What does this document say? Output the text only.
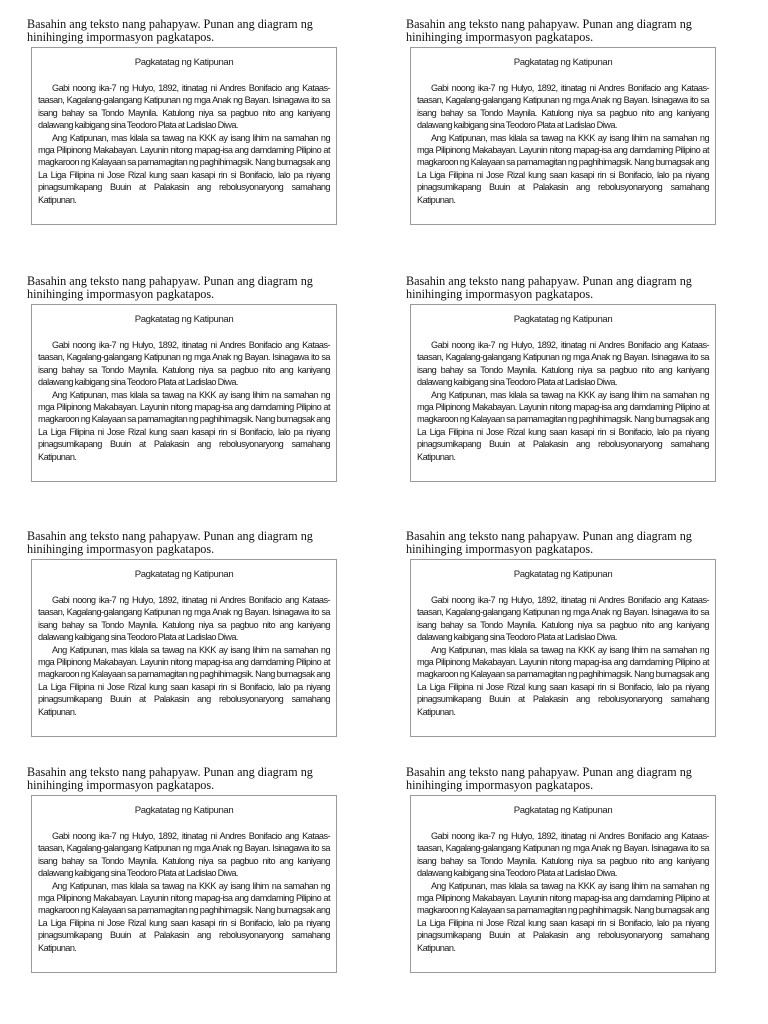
Basahin ang teksto nang pahapyaw. Punan ang diagram ng hinihinging impormasyon pagkatapos.

Pagkatatag ng Katipunan

Gabi noong ika-7 ng Hulyo, 1892, itinatag ni Andres Bonifacio ang Kataas-taasan, Kagalang-galangang Katipunan ng mga Anak ng Bayan. Isinagawa ito sa isang bahay sa Tondo Maynila. Katulong niya sa pagbuo nito ang kaniyang dalawang kaibigang sina Teodoro Plata at Ladislao Diwa.

Ang Katipunan, mas kilala sa tawag na KKK ay isang lihim na samahan ng mga Pilipinong Makabayan. Layunin nitong mapag-isa ang damdaming Pilipino at magkaroon ng Kalayaan sa pamamagitan ng paghihimagsik. Nang bumagsak ang La Liga Filipina ni Jose Rizal kung saan kasapi rin si Bonifacio, lalo pa niyang pinagsumikapang Buuin at Palakasin ang rebolusyonaryong samahang Katipunan.

Basahin ang teksto nang pahapyaw. Punan ang diagram ng hinihinging impormasyon pagkatapos.

Pagkatatag ng Katipunan

Gabi noong ika-7 ng Hulyo, 1892, itinatag ni Andres Bonifacio ang Kataas-taasan, Kagalang-galangang Katipunan ng mga Anak ng Bayan. Isinagawa ito sa isang bahay sa Tondo Maynila. Katulong niya sa pagbuo nito ang kaniyang dalawang kaibigang sina Teodoro Plata at Ladislao Diwa.

Ang Katipunan, mas kilala sa tawag na KKK ay isang lihim na samahan ng mga Pilipinong Makabayan. Layunin nitong mapag-isa ang damdaming Pilipino at magkaroon ng Kalayaan sa pamamagitan ng paghihimagsik. Nang bumagsak ang La Liga Filipina ni Jose Rizal kung saan kasapi rin si Bonifacio, lalo pa niyang pinagsumikapang Buuin at Palakasin ang rebolusyonaryong samahang Katipunan.

Basahin ang teksto nang pahapyaw. Punan ang diagram ng hinihinging impormasyon pagkatapos.

Pagkatatag ng Katipunan

Gabi noong ika-7 ng Hulyo, 1892, itinatag ni Andres Bonifacio ang Kataas-taasan, Kagalang-galangang Katipunan ng mga Anak ng Bayan. Isinagawa ito sa isang bahay sa Tondo Maynila. Katulong niya sa pagbuo nito ang kaniyang dalawang kaibigang sina Teodoro Plata at Ladislao Diwa.

Ang Katipunan, mas kilala sa tawag na KKK ay isang lihim na samahan ng mga Pilipinong Makabayan. Layunin nitong mapag-isa ang damdaming Pilipino at magkaroon ng Kalayaan sa pamamagitan ng paghihimagsik. Nang bumagsak ang La Liga Filipina ni Jose Rizal kung saan kasapi rin si Bonifacio, lalo pa niyang pinagsumikapang Buuin at Palakasin ang rebolusyonaryong samahang Katipunan.

Basahin ang teksto nang pahapyaw. Punan ang diagram ng hinihinging impormasyon pagkatapos.

Pagkatatag ng Katipunan

Gabi noong ika-7 ng Hulyo, 1892, itinatag ni Andres Bonifacio ang Kataas-taasan, Kagalang-galangang Katipunan ng mga Anak ng Bayan. Isinagawa ito sa isang bahay sa Tondo Maynila. Katulong niya sa pagbuo nito ang kaniyang dalawang kaibigang sina Teodoro Plata at Ladislao Diwa.

Ang Katipunan, mas kilala sa tawag na KKK ay isang lihim na samahan ng mga Pilipinong Makabayan. Layunin nitong mapag-isa ang damdaming Pilipino at magkaroon ng Kalayaan sa pamamagitan ng paghihimagsik. Nang bumagsak ang La Liga Filipina ni Jose Rizal kung saan kasapi rin si Bonifacio, lalo pa niyang pinagsumikapang Buuin at Palakasin ang rebolusyonaryong samahang Katipunan.

Basahin ang teksto nang pahapyaw. Punan ang diagram ng hinihinging impormasyon pagkatapos.

Pagkatatag ng Katipunan

Gabi noong ika-7 ng Hulyo, 1892, itinatag ni Andres Bonifacio ang Kataas-taasan, Kagalang-galangang Katipunan ng mga Anak ng Bayan. Isinagawa ito sa isang bahay sa Tondo Maynila. Katulong niya sa pagbuo nito ang kaniyang dalawang kaibigang sina Teodoro Plata at Ladislao Diwa.

Ang Katipunan, mas kilala sa tawag na KKK ay isang lihim na samahan ng mga Pilipinong Makabayan. Layunin nitong mapag-isa ang damdaming Pilipino at magkaroon ng Kalayaan sa pamamagitan ng paghihimagsik. Nang bumagsak ang La Liga Filipina ni Jose Rizal kung saan kasapi rin si Bonifacio, lalo pa niyang pinagsumikapang Buuin at Palakasin ang rebolusyonaryong samahang Katipunan.

Basahin ang teksto nang pahapyaw. Punan ang diagram ng hinihinging impormasyon pagkatapos.

Pagkatatag ng Katipunan

Gabi noong ika-7 ng Hulyo, 1892, itinatag ni Andres Bonifacio ang Kataas-taasan, Kagalang-galangang Katipunan ng mga Anak ng Bayan. Isinagawa ito sa isang bahay sa Tondo Maynila. Katulong niya sa pagbuo nito ang kaniyang dalawang kaibigang sina Teodoro Plata at Ladislao Diwa.

Ang Katipunan, mas kilala sa tawag na KKK ay isang lihim na samahan ng mga Pilipinong Makabayan. Layunin nitong mapag-isa ang damdaming Pilipino at magkaroon ng Kalayaan sa pamamagitan ng paghihimagsik. Nang bumagsak ang La Liga Filipina ni Jose Rizal kung saan kasapi rin si Bonifacio, lalo pa niyang pinagsumikapang Buuin at Palakasin ang rebolusyonaryong samahang Katipunan.

Basahin ang teksto nang pahapyaw. Punan ang diagram ng hinihinging impormasyon pagkatapos.

Pagkatatag ng Katipunan

Gabi noong ika-7 ng Hulyo, 1892, itinatag ni Andres Bonifacio ang Kataas-taasan, Kagalang-galangang Katipunan ng mga Anak ng Bayan. Isinagawa ito sa isang bahay sa Tondo Maynila. Katulong niya sa pagbuo nito ang kaniyang dalawang kaibigang sina Teodoro Plata at Ladislao Diwa.

Ang Katipunan, mas kilala sa tawag na KKK ay isang lihim na samahan ng mga Pilipinong Makabayan. Layunin nitong mapag-isa ang damdaming Pilipino at magkaroon ng Kalayaan sa pamamagitan ng paghihimagsik. Nang bumagsak ang La Liga Filipina ni Jose Rizal kung saan kasapi rin si Bonifacio, lalo pa niyang pinagsumikapang Buuin at Palakasin ang rebolusyonaryong samahang Katipunan.

Basahin ang teksto nang pahapyaw. Punan ang diagram ng hinihinging impormasyon pagkatapos.

Pagkatatag ng Katipunan

Gabi noong ika-7 ng Hulyo, 1892, itinatag ni Andres Bonifacio ang Kataas-taasan, Kagalang-galangang Katipunan ng mga Anak ng Bayan. Isinagawa ito sa isang bahay sa Tondo Maynila. Katulong niya sa pagbuo nito ang kaniyang dalawang kaibigang sina Teodoro Plata at Ladislao Diwa.

Ang Katipunan, mas kilala sa tawag na KKK ay isang lihim na samahan ng mga Pilipinong Makabayan. Layunin nitong mapag-isa ang damdaming Pilipino at magkaroon ng Kalayaan sa pamamagitan ng paghihimagsik. Nang bumagsak ang La Liga Filipina ni Jose Rizal kung saan kasapi rin si Bonifacio, lalo pa niyang pinagsumikapang Buuin at Palakasin ang rebolusyonaryong samahang Katipunan.
